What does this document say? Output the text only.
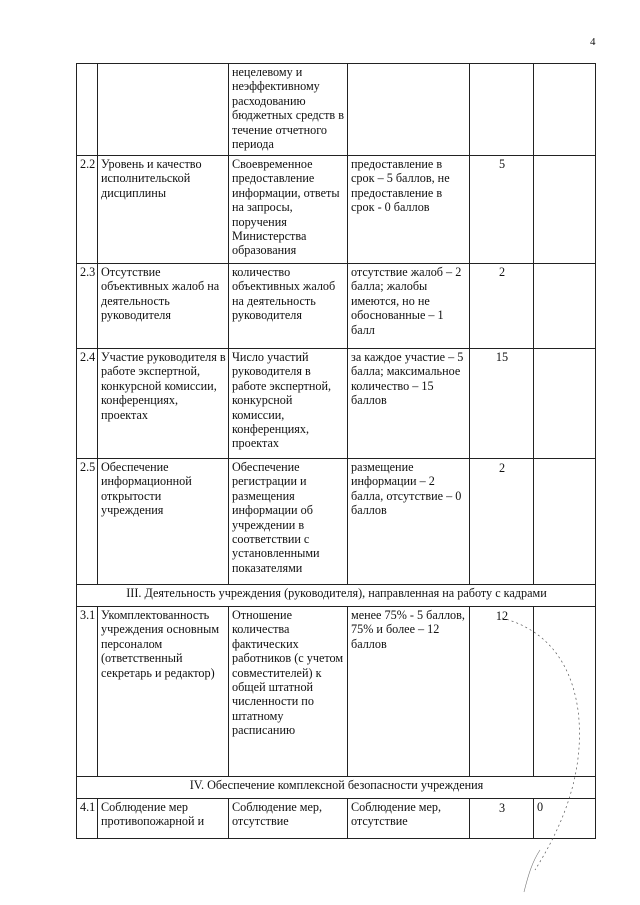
4
		нецелевому и неэффективному расходованию бюджетных средств в течение отчетного периода			
2.2	Уровень и качество исполнительской дисциплины	Своевременное предоставление информации, ответы на запросы, поручения Министерства образования	предоставление в срок – 5 баллов, не предоставление в срок - 0 баллов	5	
2.3	Отсутствие объективных жалоб на деятельность руководителя	количество объективных жалоб на деятельность руководителя	отсутствие жалоб – 2 балла; жалобы имеются, но не обоснованные – 1 балл	2	
2.4	Участие руководителя в работе экспертной, конкурсной комиссии, конференциях, проектах	Число участий руководителя в работе экспертной, конкурсной комиссии, конференциях, проектах	за каждое участие – 5 балла; максимальное количество – 15 баллов	15	
2.5	Обеспечение информационной открытости учреждения	Обеспечение регистрации и размещения информации об учреждении в соответствии с установленными показателями	размещение информации – 2 балла, отсутствие – 0 баллов	2	
III. Деятельность учреждения (руководителя), направленная на работу с кадрами					
3.1	Укомплектованность учреждения основным персоналом (ответственный секретарь и редактор)	Отношение количества фактических работников (с учетом совместителей) к общей штатной численности по штатному расписанию	менее 75% - 5 баллов, 75% и более – 12 баллов	12	
IV. Обеспечение комплексной безопасности учреждения					
4.1	Соблюдение мер противопожарной и	Соблюдение мер, отсутствие	Соблюдение мер, отсутствие	3	0
